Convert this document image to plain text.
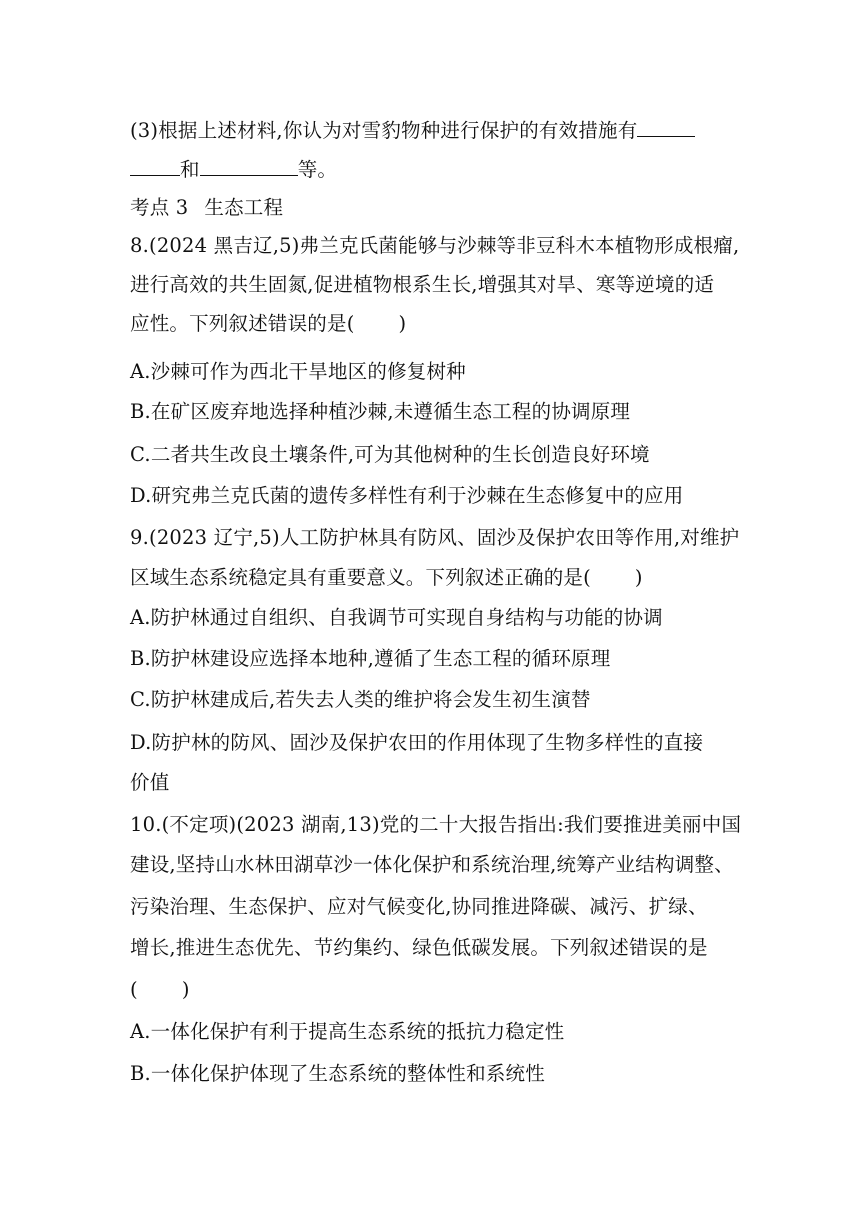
(3)根据上述材料,你认为对雪豹物种进行保护的有效措施有
和	等。
考点 3 生态工程
8.(2024 黑吉辽,5)弗兰克氏菌能够与沙棘等非豆科木本植物形成根瘤,
进行高效的共生固氮,促进植物根系生长,增强其对旱、寒等逆境的适
应性。下列叙述错误的是( )
A.沙棘可作为西北干旱地区的修复树种
B.在矿区废弃地选择种植沙棘,未遵循生态工程的协调原理
C.二者共生改良土壤条件,可为其他树种的生长创造良好环境
D.研究弗兰克氏菌的遗传多样性有利于沙棘在生态修复中的应用
9.(2023 辽宁,5)人工防护林具有防风、固沙及保护农田等作用,对维护
区域生态系统稳定具有重要意义。下列叙述正确的是( )
A.防护林通过自组织、自我调节可实现自身结构与功能的协调
B.防护林建设应选择本地种,遵循了生态工程的循环原理
C.防护林建成后,若失去人类的维护将会发生初生演替
D.防护林的防风、固沙及保护农田的作用体现了生物多样性的直接
价值
10.(不定项)(2023 湖南,13)党的二十大报告指出:我们要推进美丽中国
建设,坚持山水林田湖草沙一体化保护和系统治理,统筹产业结构调整、
污染治理、生态保护、应对气候变化,协同推进降碳、减污、扩绿、
增长,推进生态优先、节约集约、绿色低碳发展。下列叙述错误的是
( )
A.一体化保护有利于提高生态系统的抵抗力稳定性
B.一体化保护体现了生态系统的整体性和系统性
